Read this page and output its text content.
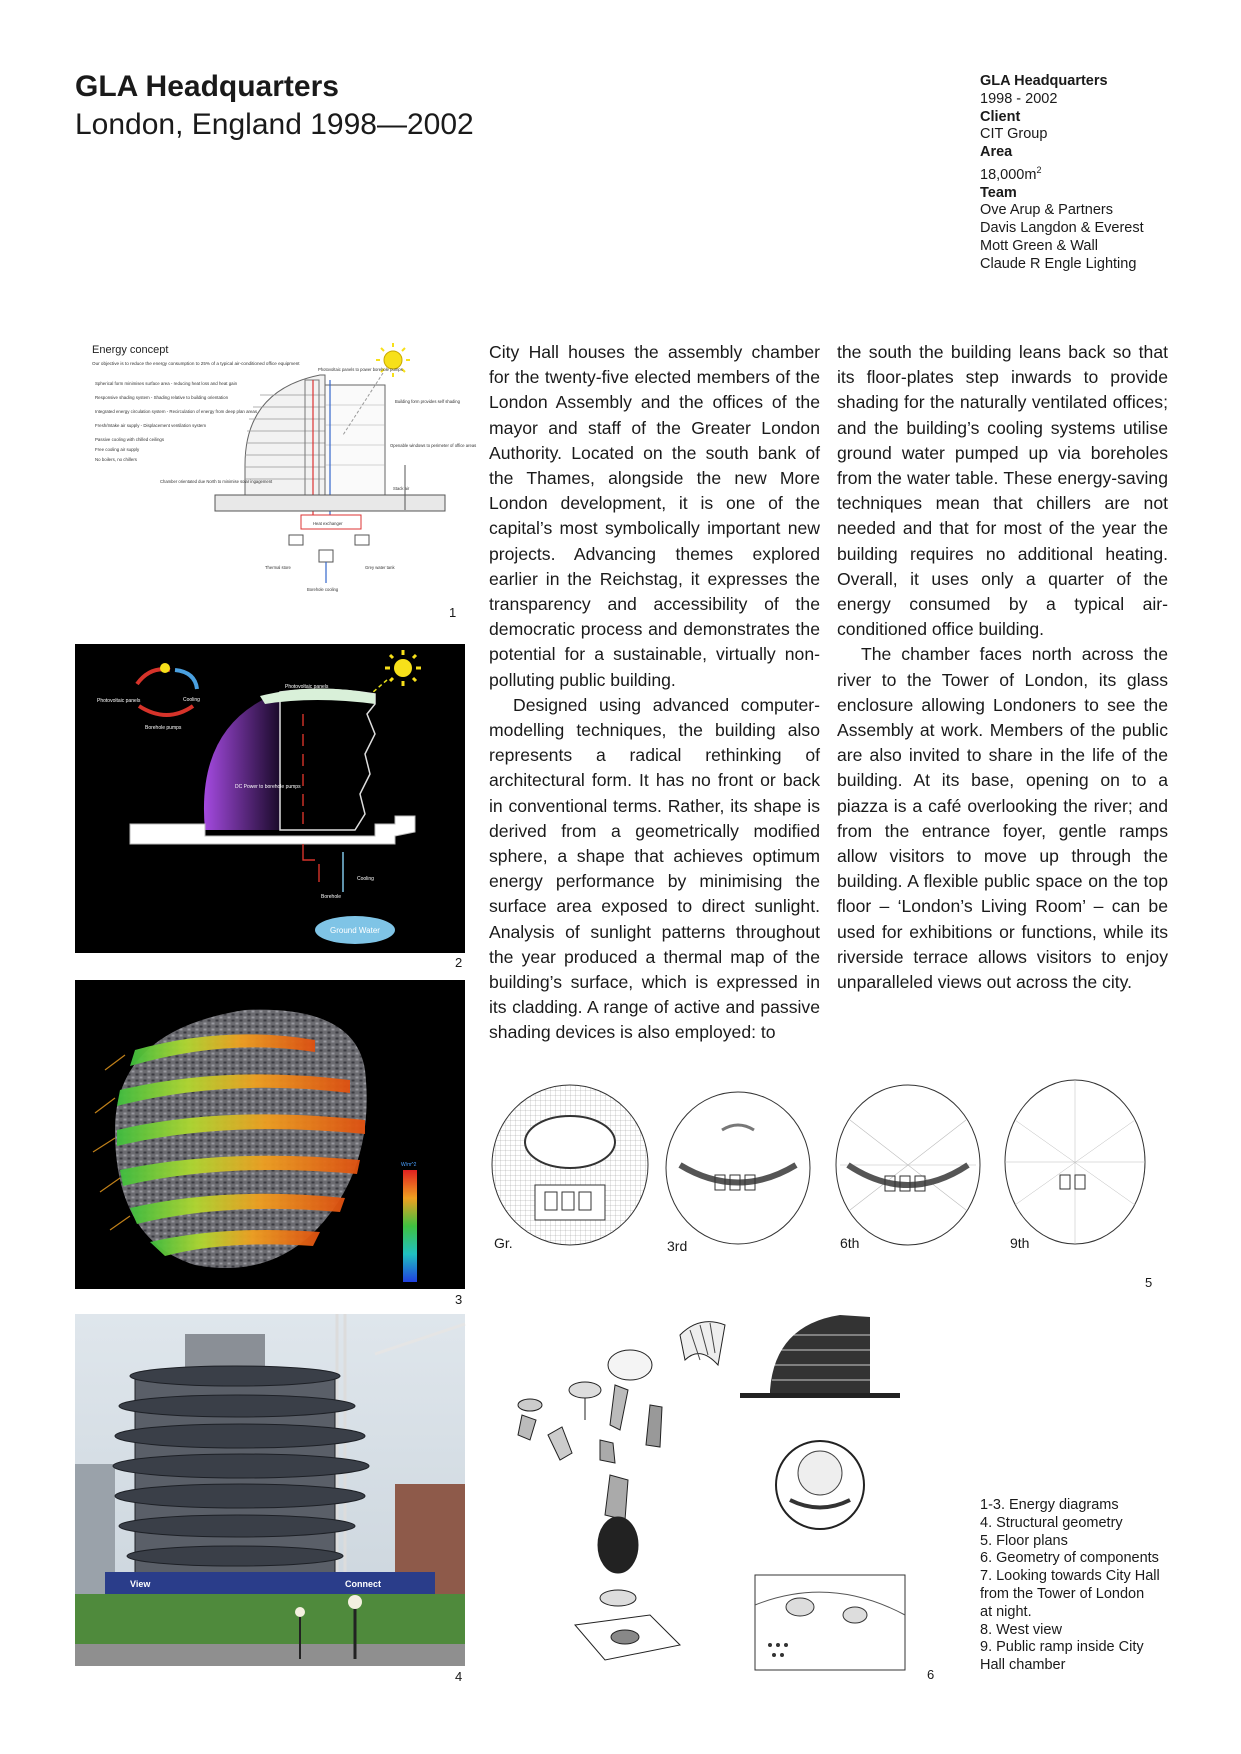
GLA Headquarters
London, England 1998—2002
GLA Headquarters
1998 - 2002
Client
CIT Group
Area
$18,000m^2$
Team
Ove Arup & Partners
Davis Langdon & Everest
Mott Green & Wall
Claude R Engle Lighting

City Hall houses the assembly chamber for the twenty-five elected members of the London Assembly and the offices of the mayor and staff of the Greater London Authority. Located on the south bank of the Thames, alongside the new More London development, it is one of the capital’s most symbolically important new projects. Advancing themes explored earlier in the Reichstag, it expresses the transparency and accessibility of the democratic process and demonstrates the potential for a sustainable, virtually non-polluting public building.

Designed using advanced computer-modelling techniques, the building also represents a radical rethinking of architectural form. It has no front or back in conventional terms. Rather, its shape is derived from a geometrically modified sphere, a shape that achieves optimum energy performance by minimising the surface area exposed to direct sunlight. Analysis of sunlight patterns throughout the year produced a thermal map of the building’s surface, which is expressed in its cladding. A range of active and passive shading devices is also employed: to

the south the building leans back so that its floor-plates step inwards to provide shading for the naturally ventilated offices; and the building’s cooling systems utilise ground water pumped up via boreholes from the water table. These energy-saving techniques mean that chillers are not needed and that for most of the year the building requires no additional heating. Overall, it uses only a quarter of the energy consumed by a typical air-conditioned office building.

The chamber faces north across the river to the Tower of London, its glass enclosure allowing Londoners to see the Assembly at work. Members of the public are also invited to share in the life of the building. At its base, opening on to a piazza is a café overlooking the river; and from the entrance foyer, gentle ramps allow visitors to move up through the building. A flexible public space on the top floor – ‘London’s Living Room’ – can be used for exhibitions or functions, while its riverside terrace allows visitors to enjoy unparalleled views out across the city.

Energy concept
Our objective is to reduce the energy consumption to 25% of a typical air-conditioned office equipment
Spherical form minimises surface area - reducing heat loss and heat gain
Responsive shading system - Shading relative to building orientation
Integrated energy circulation system - Recirculation of energy from deep plan areas
Fresh/Intake air supply - Displacement ventilation system
Passive cooling with chilled ceilings
Free cooling air supply
No boilers, no chillers
Photovoltaic panels to power borehole pumps
Building form provides self shading
Openable windows to perimeter of office areas
Chamber orientated due North to minimise solar ingagement
Stack air
Heat exchanger
Thermal store	Grey water tank
Borehole cooling
1
Photovoltaic panels	Cooling
Borehole pumps
Photovoltaic panels
DC Power to borehole pumps
Cooling
Borehole
Ground Water
2
W/m^2
3
View	Connect
4
Gr.	3rd	6th	9th
5
6
1-3. Energy diagrams
4. Structural geometry
5. Floor plans
6. Geometry of components
7. Looking towards City Hall
from the Tower of London
at night.
8. West view
9. Public ramp inside City
Hall chamber
